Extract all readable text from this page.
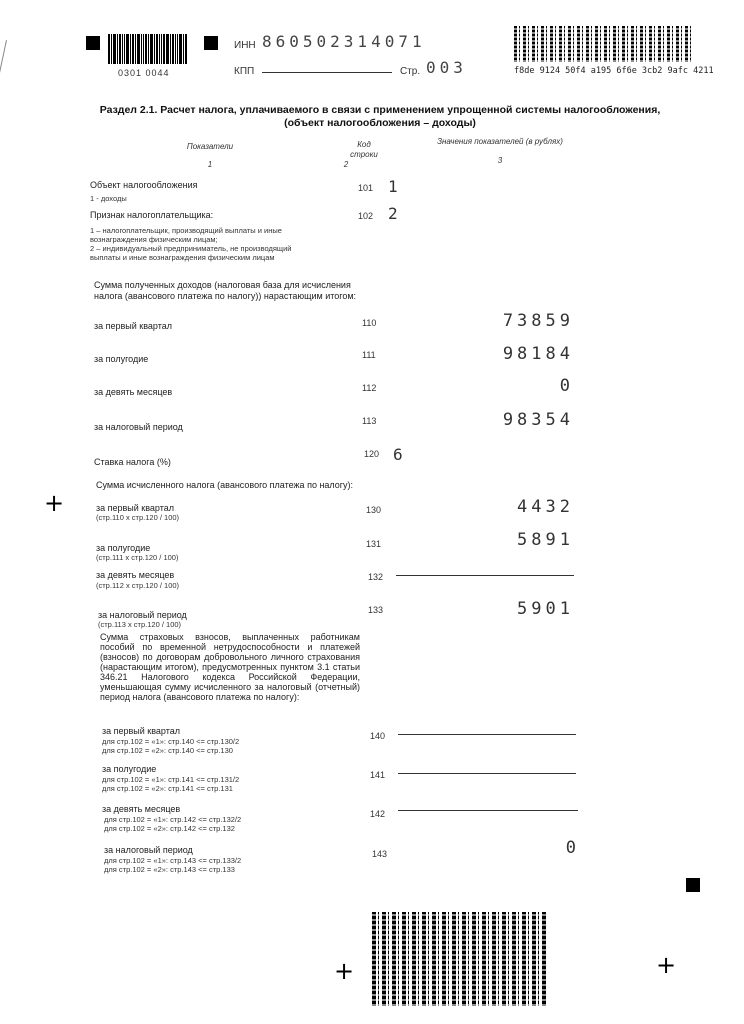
0301 0044
ИНН 860502314071
КПП	Стр. 003	f8de 9124 50f4 a195 6f6e 3cb2 9afc 4211
Раздел 2.1. Расчет налога, уплачиваемого в связи с применением упрощенной системы налогообложения,
(объект налогообложения – доходы)
Показатели	Код строки
Значения показателей (в рублях)
1	2	3
Объект налогообложения
1 - доходы
101 1
Признак налогоплательщика:
1 – налогоплательщик, производящий выплаты и иные
вознаграждения физическим лицам;
2 – индивидуальный предприниматель, не производящий
выплаты и иные вознаграждения физическим лицам
102 2
Сумма полученных доходов (налоговая база для исчисления
налога (авансового платежа по налогу)) нарастающим итогом:
за первый квартал	110	73859
за полугодие	111	98184
за девять месяцев	112	0
за налоговый период
113	98354
Ставка налога (%)
120 6
Сумма исчисленного налога (авансового платежа по налогу):
за первый квартал
(стр.110 х стр.120 / 100)
130	4432
за полугодие
(стр.111 х стр.120 / 100)
131	5891
за девять месяцев
(стр.112 х стр.120 / 100)
132
за налоговый период
(стр.113 х стр.120 / 100)
133	5901
Сумма страховых взносов, выплаченных работникам пособий по временной нетрудоспособности и платежей (взносов) по договорам добровольного личного страхования (нарастающим итогом), предусмотренных пунктом 3.1 статьи 346.21 Налогового кодекса Российской Федерации, уменьшающая сумму исчисленного за налоговый (отчетный) период налога (авансового платежа по налогу):
за первый квартал
для стр.102 = «1»: стр.140 <= стр.130/2
для стр.102 = «2»: стр.140 <= стр.130
140
за полугодие
для стр.102 = «1»: стр.141 <= стр.131/2
для стр.102 = «2»: стр.141 <= стр.131
141
за девять месяцев
для стр.102 = «1»: стр.142 <= стр.132/2
для стр.102 = «2»: стр.142 <= стр.132
142
за налоговый период
для стр.102 = «1»: стр.143 <= стр.133/2
для стр.102 = «2»: стр.143 <= стр.133
143	0
+
+	+
